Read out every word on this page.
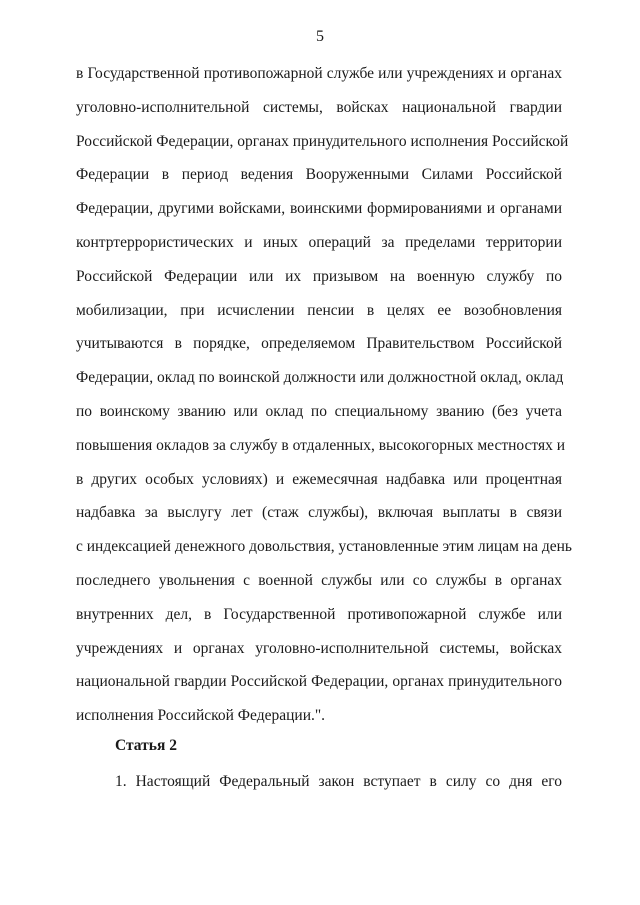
5
в Государственной противопожарной службе или учреждениях и органах
уголовно-исполнительной системы, войсках национальной гвардии
Российской Федерации, органах принудительного исполнения Российской
Федерации в период ведения Вооруженными Силами Российской
Федерации, другими войсками, воинскими формированиями и органами
контртеррористических и иных операций за пределами территории
Российской Федерации или их призывом на военную службу по
мобилизации, при исчислении пенсии в целях ее возобновления
учитываются в порядке, определяемом Правительством Российской
Федерации, оклад по воинской должности или должностной оклад, оклад
по воинскому званию или оклад по специальному званию (без учета
повышения окладов за службу в отдаленных, высокогорных местностях и
в других особых условиях) и ежемесячная надбавка или процентная
надбавка за выслугу лет (стаж службы), включая выплаты в связи
с индексацией денежного довольствия, установленные этим лицам на день
последнего увольнения с военной службы или со службы в органах
внутренних дел, в Государственной противопожарной службе или
учреждениях и органах уголовно-исполнительной системы, войсках
национальной гвардии Российской Федерации, органах принудительного
исполнения Российской Федерации.".
Статья 2
1. Настоящий Федеральный закон вступает в силу со дня его
